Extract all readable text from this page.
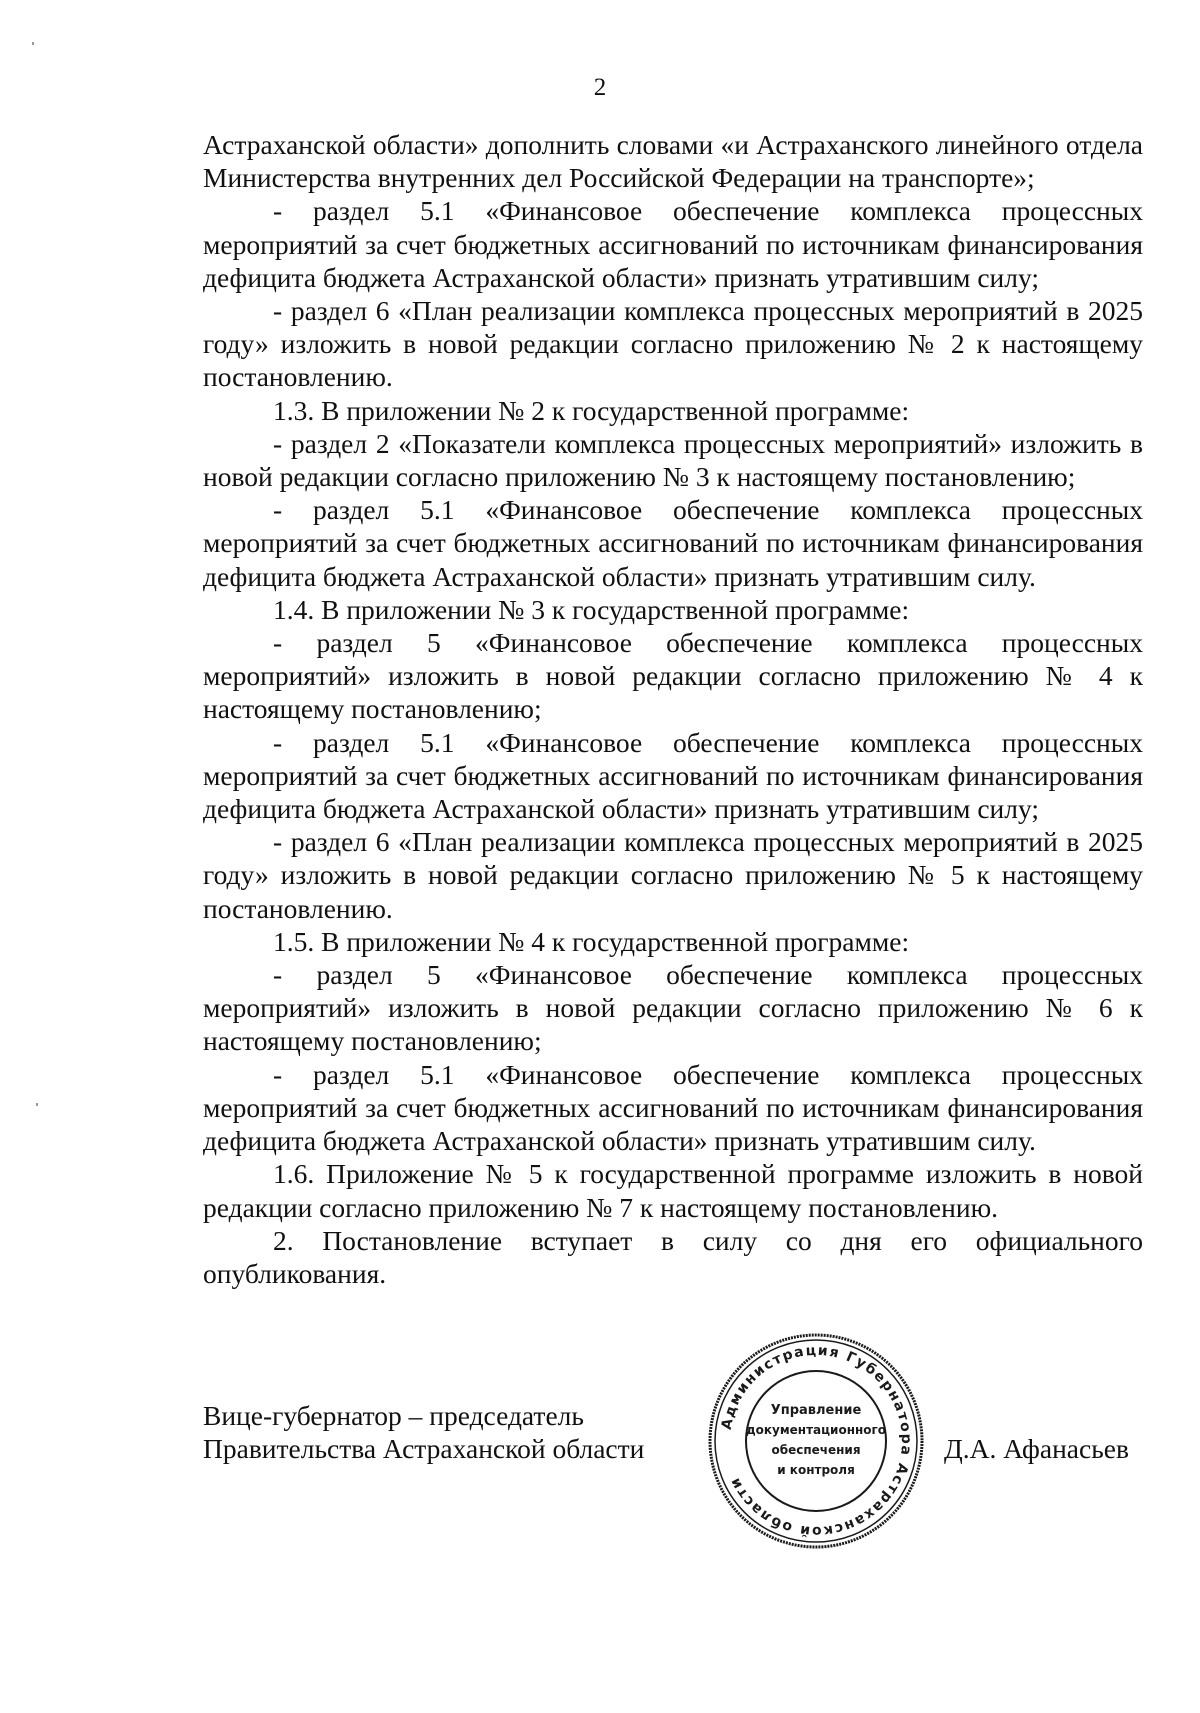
2

Астраханской области» дополнить словами «и Астраханского линейного отдела Министерства внутренних дел Российской Федерации на транспорте»;

- раздел 5.1 «Финансовое обеспечение комплекса процессных мероприятий за счет бюджетных ассигнований по источникам финансирования дефицита бюджета Астраханской области» признать утратившим силу;

- раздел 6 «План реализации комплекса процессных мероприятий в 2025 году» изложить в новой редакции согласно приложению № 2 к настоящему постановлению.

1.3. В приложении № 2 к государственной программе:

- раздел 2 «Показатели комплекса процессных мероприятий» изложить в новой редакции согласно приложению № 3 к настоящему постановлению;

- раздел 5.1 «Финансовое обеспечение комплекса процессных мероприятий за счет бюджетных ассигнований по источникам финансирования дефицита бюджета Астраханской области» признать утратившим силу.

1.4. В приложении № 3 к государственной программе:

- раздел 5 «Финансовое обеспечение комплекса процессных мероприятий» изложить в новой редакции согласно приложению № 4 к настоящему постановлению;

- раздел 5.1 «Финансовое обеспечение комплекса процессных мероприятий за счет бюджетных ассигнований по источникам финансирования дефицита бюджета Астраханской области» признать утратившим силу;

- раздел 6 «План реализации комплекса процессных мероприятий в 2025 году» изложить в новой редакции согласно приложению № 5 к настоящему постановлению.

1.5. В приложении № 4 к государственной программе:

- раздел 5 «Финансовое обеспечение комплекса процессных мероприятий» изложить в новой редакции согласно приложению № 6 к настоящему постановлению;

- раздел 5.1 «Финансовое обеспечение комплекса процессных мероприятий за счет бюджетных ассигнований по источникам финансирования дефицита бюджета Астраханской области» признать утратившим силу.

1.6. Приложение № 5 к государственной программе изложить в новой редакции согласно приложению № 7 к настоящему постановлению.

2. Постановление вступает в силу со дня его официального опубликования.

Вице-губернатор – председатель
Правительства Астраханской области
Администрация Губернатора Астраханской области
Управление
документационного
обеспечения
и контроля
Д.А. Афанасьев
